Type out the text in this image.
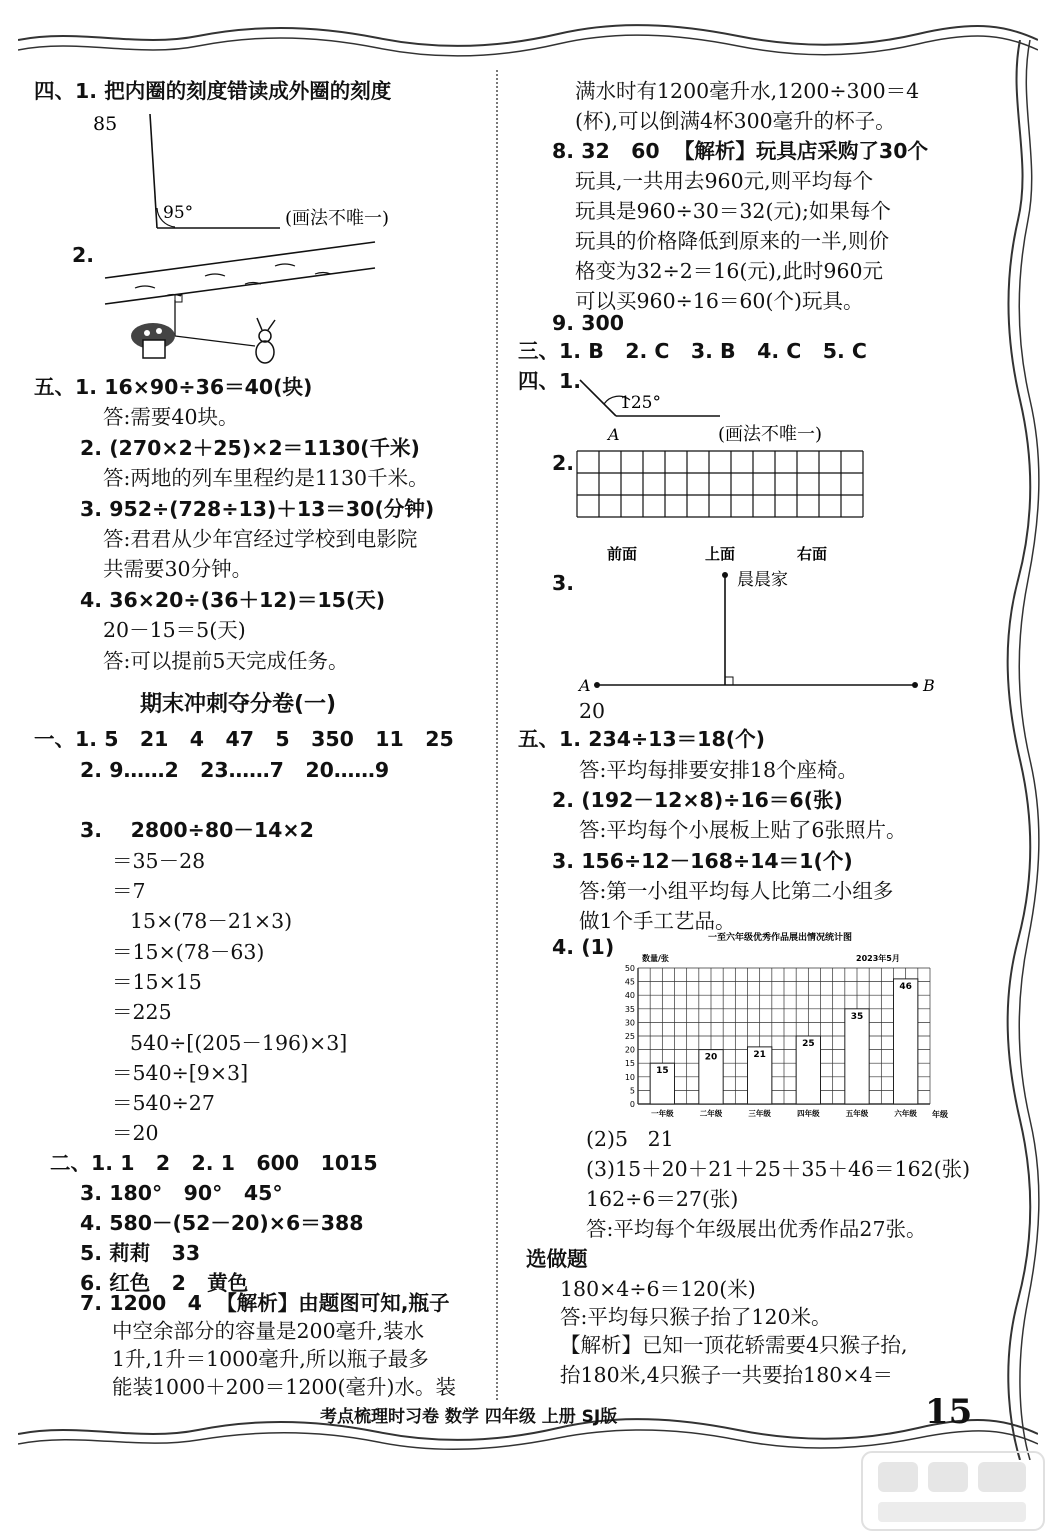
四、1. 把内圈的刻度错读成外圈的刻度
85
95°	(画法不唯一)
2.
五、1. 16×90÷36＝40(块)
答:需要40块。
2. (270×2＋25)×2＝1130(千米)
答:两地的列车里程约是1130千米。
3. 952÷(728÷13)＋13＝30(分钟)
答:君君从少年宫经过学校到电影院
共需要30分钟。
4. 36×20÷(36＋12)＝15(天)
20－15＝5(天)
答:可以提前5天完成任务。
期末冲刺夺分卷(一)
一、1. 5   21   4   47   5   350   11   25
2. 9……2   23……7   20……9
3.    2800÷80－14×2
＝35－28
＝7
15×(78－21×3)
＝15×(78－63)
＝15×15
＝225
540÷[(205－196)×3]
＝540÷[9×3]
＝540÷27
＝20
二、1. 1   2   2. 1   600   1015
3. 180°   90°   45°
4. 580－(52－20)×6＝388
5. 莉莉   33
6. 红色   2   黄色
7. 1200   4  【解析】由题图可知,瓶子
中空余部分的容量是200毫升,装水
1升,1升＝1000毫升,所以瓶子最多
满水时有1200毫升水,1200÷300＝4
(杯),可以倒满4杯300毫升的杯子。
8. 32   60  【解析】玩具店采购了30个
玩具,一共用去960元,则平均每个
玩具是960÷30＝32(元);如果每个
玩具的价格降低到原来的一半,则价
格变为32÷2＝16(元),此时960元
可以买960÷16＝60(个)玩具。
9. 300
三、1. B   2. C   3. B   4. C   5. C
四、1.
125°
A	(画法不唯一)
2.
前面	上面	右面
3.	晨晨家
A	B
20
五、1. 234÷13＝18(个)
答:平均每排要安排18个座椅。
2. (192－12×8)÷16＝6(张)
答:平均每个小展板上贴了6张照片。
3. 156÷12－168÷14＝1(个)
答:第一小组平均每人比第二小组多
做1个手工艺品。
4. (1)	一至六年级优秀作品展出情况统计图
数量/张	2023年5月
年级
0
5
10
15
20
25
30
35
40
45
50
15
一年级
20
二年级
21
三年级
25
四年级
35
五年级
46
六年级
(2)5   21
(3)15＋20＋21＋25＋35＋46＝162(张)
162÷6＝27(张)
答:平均每个年级展出优秀作品27张。
选做题
180×4÷6＝120(米)
答:平均每只猴子抬了120米。
【解析】已知一顶花轿需要4只猴子抬,
抬180米,4只猴子一共要抬180×4＝
考点梳理时习卷 数学 四年级 上册 SJ版	15
能装1000＋200＝1200(毫升)水。装
